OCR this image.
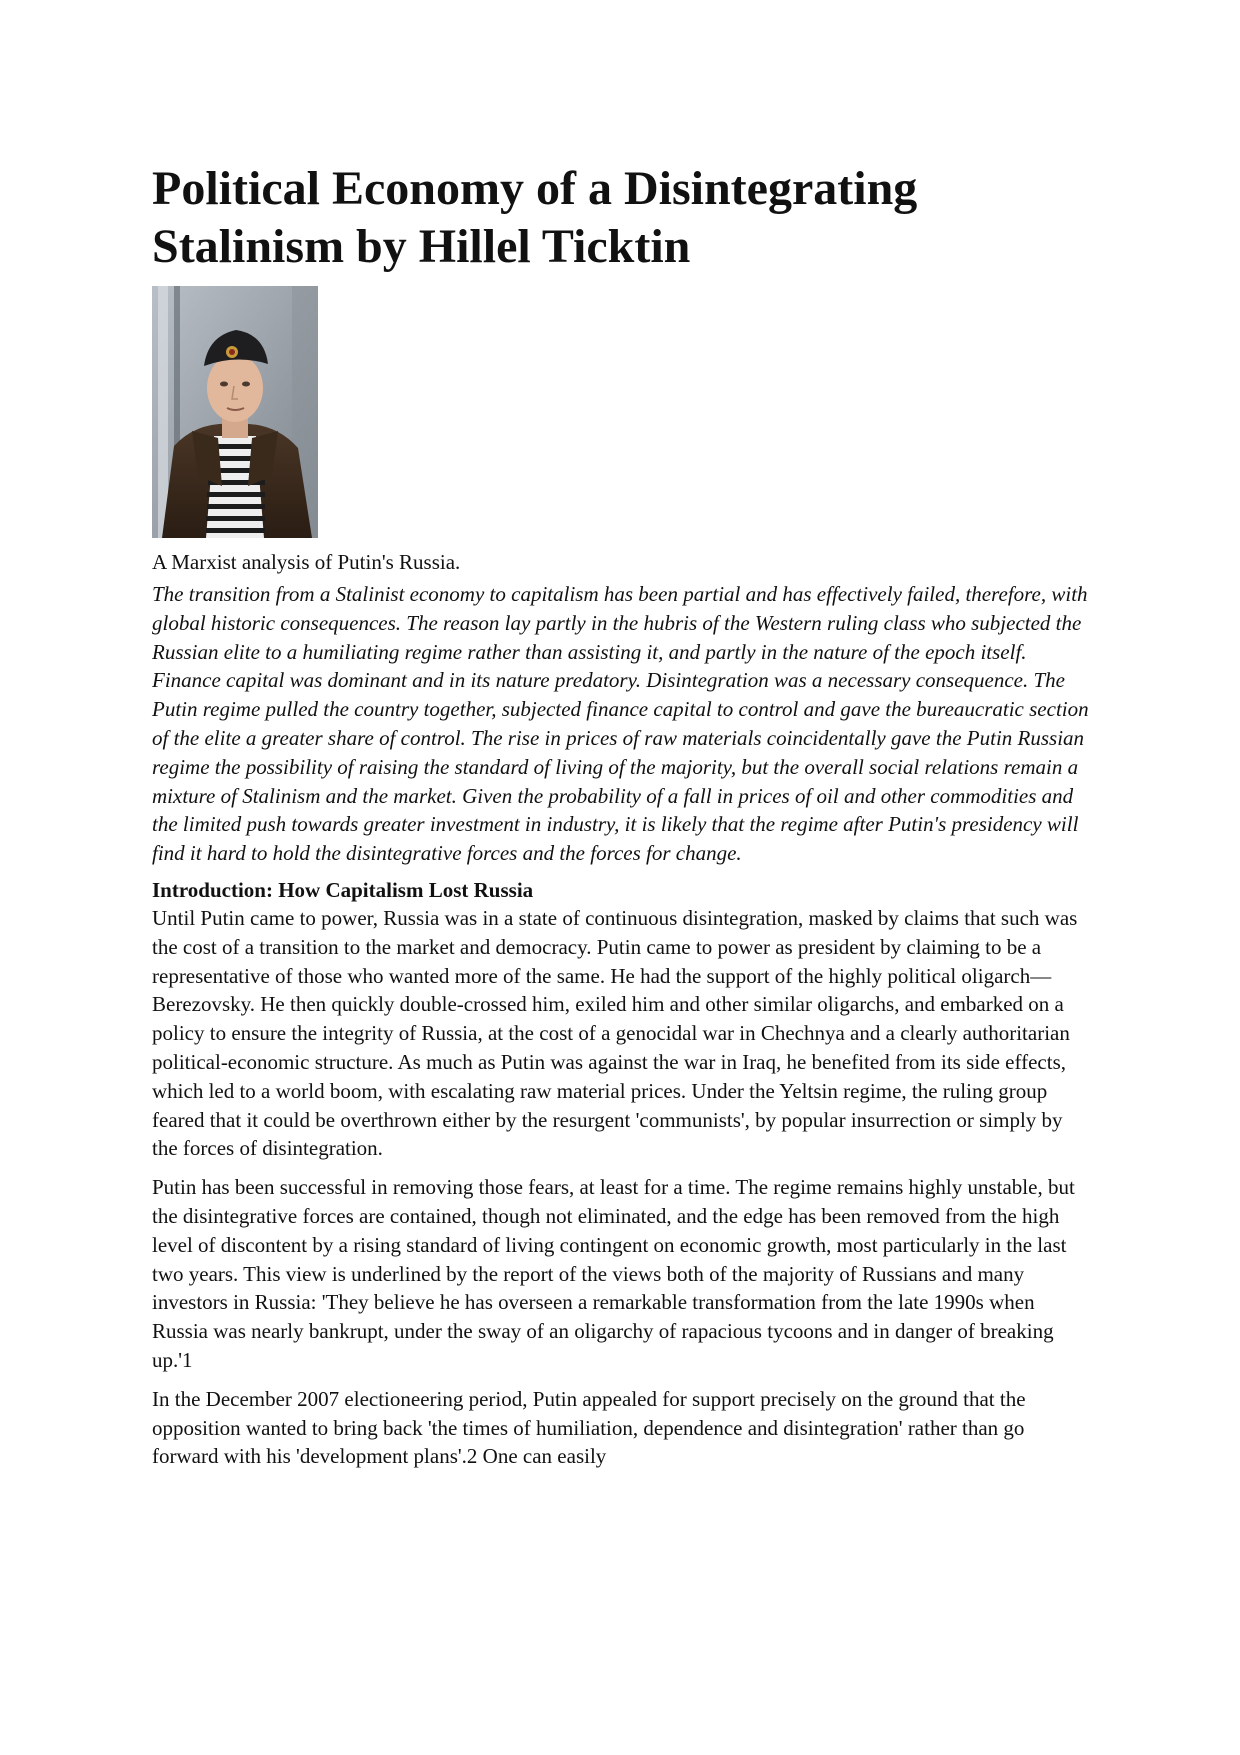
Political Economy of a Disintegrating Stalinism by Hillel Ticktin

A Marxist analysis of Putin's Russia.

The transition from a Stalinist economy to capitalism has been partial and has effectively failed, therefore, with global historic consequences. The reason lay partly in the hubris of the Western ruling class who subjected the Russian elite to a humiliating regime rather than assisting it, and partly in the nature of the epoch itself. Finance capital was dominant and in its nature predatory. Disintegration was a necessary consequence. The Putin regime pulled the country together, subjected finance capital to control and gave the bureaucratic section of the elite a greater share of control. The rise in prices of raw materials coincidentally gave the Putin Russian regime the possibility of raising the standard of living of the majority, but the overall social relations remain a mixture of Stalinism and the market. Given the probability of a fall in prices of oil and other commodities and the limited push towards greater investment in industry, it is likely that the regime after Putin's presidency will find it hard to hold the disintegrative forces and the forces for change.

Introduction: How Capitalism Lost Russia

Until Putin came to power, Russia was in a state of continuous disintegration, masked by claims that such was the cost of a transition to the market and democracy. Putin came to power as president by claiming to be a representative of those who wanted more of the same. He had the support of the highly political oligarch—Berezovsky. He then quickly double-crossed him, exiled him and other similar oligarchs, and embarked on a policy to ensure the integrity of Russia, at the cost of a genocidal war in Chechnya and a clearly authoritarian political-economic structure. As much as Putin was against the war in Iraq, he benefited from its side effects, which led to a world boom, with escalating raw material prices. Under the Yeltsin regime, the ruling group feared that it could be overthrown either by the resurgent 'communists', by popular insurrection or simply by the forces of disintegration.

Putin has been successful in removing those fears, at least for a time. The regime remains highly unstable, but the disintegrative forces are contained, though not eliminated, and the edge has been removed from the high level of discontent by a rising standard of living contingent on economic growth, most particularly in the last two years. This view is underlined by the report of the views both of the majority of Russians and many investors in Russia: 'They believe he has overseen a remarkable transformation from the late 1990s when Russia was nearly bankrupt, under the sway of an oligarchy of rapacious tycoons and in danger of breaking up.'1

In the December 2007 electioneering period, Putin appealed for support precisely on the ground that the opposition wanted to bring back 'the times of humiliation, dependence and disintegration' rather than go forward with his 'development plans'.2 One can easily
